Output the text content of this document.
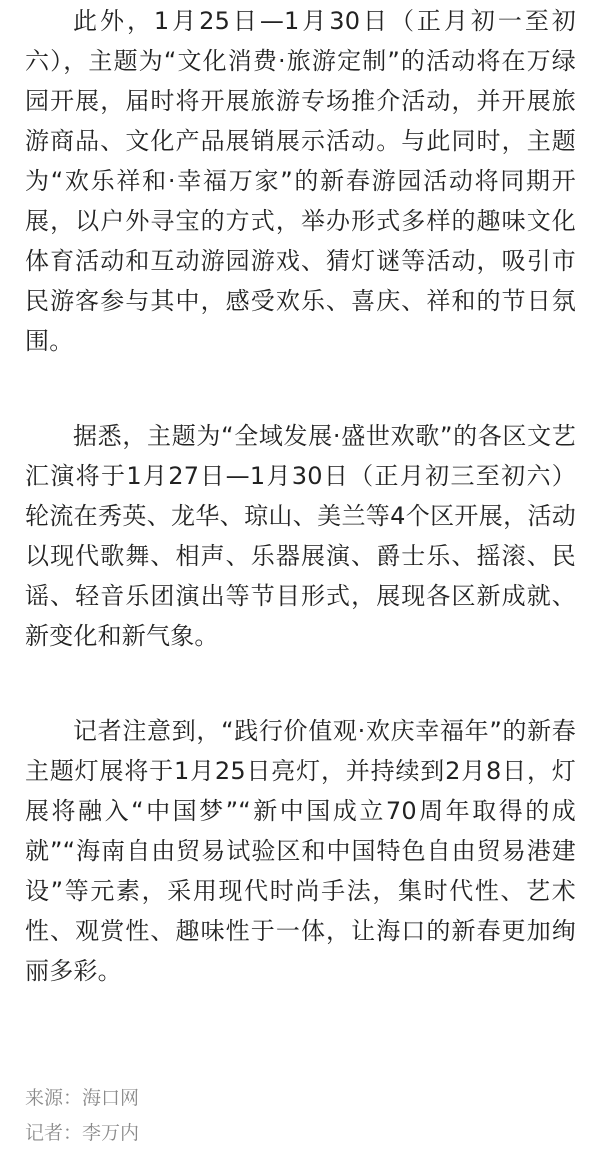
此外，1月25日—1月30日（正月初一至初六），主题为“文化消费·旅游定制”的活动将在万绿园开展，届时将开展旅游专场推介活动，并开展旅游商品、文化产品展销展示活动。与此同时，主题为“欢乐祥和·幸福万家”的新春游园活动将同期开展，以户外寻宝的方式，举办形式多样的趣味文化体育活动和互动游园游戏、猜灯谜等活动，吸引市民游客参与其中，感受欢乐、喜庆、祥和的节日氛围。

据悉，主题为“全域发展·盛世欢歌”的各区文艺汇演将于1月27日—1月30日（正月初三至初六）轮流在秀英、龙华、琼山、美兰等4个区开展，活动以现代歌舞、相声、乐器展演、爵士乐、摇滚、民谣、轻音乐团演出等节目形式，展现各区新成就、新变化和新气象。

记者注意到，“践行价值观·欢庆幸福年”的新春主题灯展将于1月25日亮灯，并持续到2月8日，灯展将融入“中国梦”“新中国成立70周年取得的成就”“海南自由贸易试验区和中国特色自由贸易港建设”等元素，采用现代时尚手法，集时代性、艺术性、观赏性、趣味性于一体，让海口的新春更加绚丽多彩。

来源：海口网
记者：李万内
